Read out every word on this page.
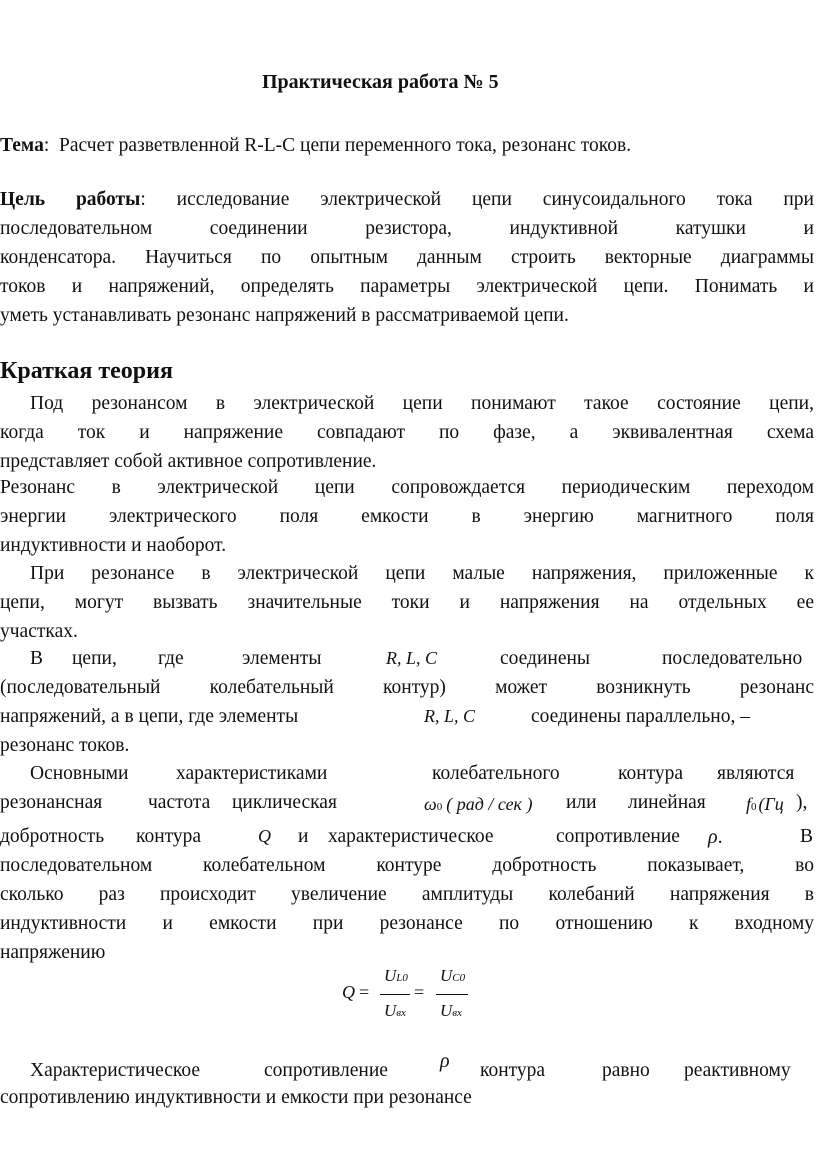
Практическая работа № 5
Тема:  Расчет разветвленной R-L-C цепи переменного тока, резонанс токов.
Цель работы: исследование электрической цепи синусоидального тока при
последовательном соединении резистора, индуктивной катушки и
конденсатора. Научиться по опытным данным строить векторные диаграммы
токов и напряжений, определять параметры электрической цепи. Понимать и
уметь устанавливать резонанс напряжений в рассматриваемой цепи.
Краткая теория
Под резонансом в электрической цепи понимают такое состояние цепи,
когда ток и напряжение совпадают по фазе, а эквивалентная схема
представляет собой активное сопротивление.
Резонанс в электрической цепи сопровождается периодическим переходом
энергии электрического поля емкости в энергию магнитного поля
индуктивности и наоборот.
При резонансе в электрической цепи малые напряжения, приложенные к
цепи, могут вызвать значительные токи и напряжения на отдельных ее
участках.
В цепи, где	элементы	R, L, C	соединены	последовательно
(последовательный колебательный контур) может возникнуть резонанс
напряжений, а в цепи, где элементы	R, L, C	соединены параллельно, –
резонанс токов.
Основными характеристиками	колебательного	контура являются
резонансная частота циклическая	ω0 ( рад / сек ) или линейная f0 (Гц ),
добротность контура	Q и характеристическое	сопротивление ρ.	В
последовательном колебательном контуре добротность показывает, во
сколько раз происходит увеличение амплитуды колебаний напряжения в
индуктивности и емкости при резонансе по отношению к входному
напряжению
Q =
UL0
Uвх
=
UC0
Uвх
Характеристическое	сопротивление	ρ контура	равно реактивному
сопротивлению индуктивности и емкости при резонансе
